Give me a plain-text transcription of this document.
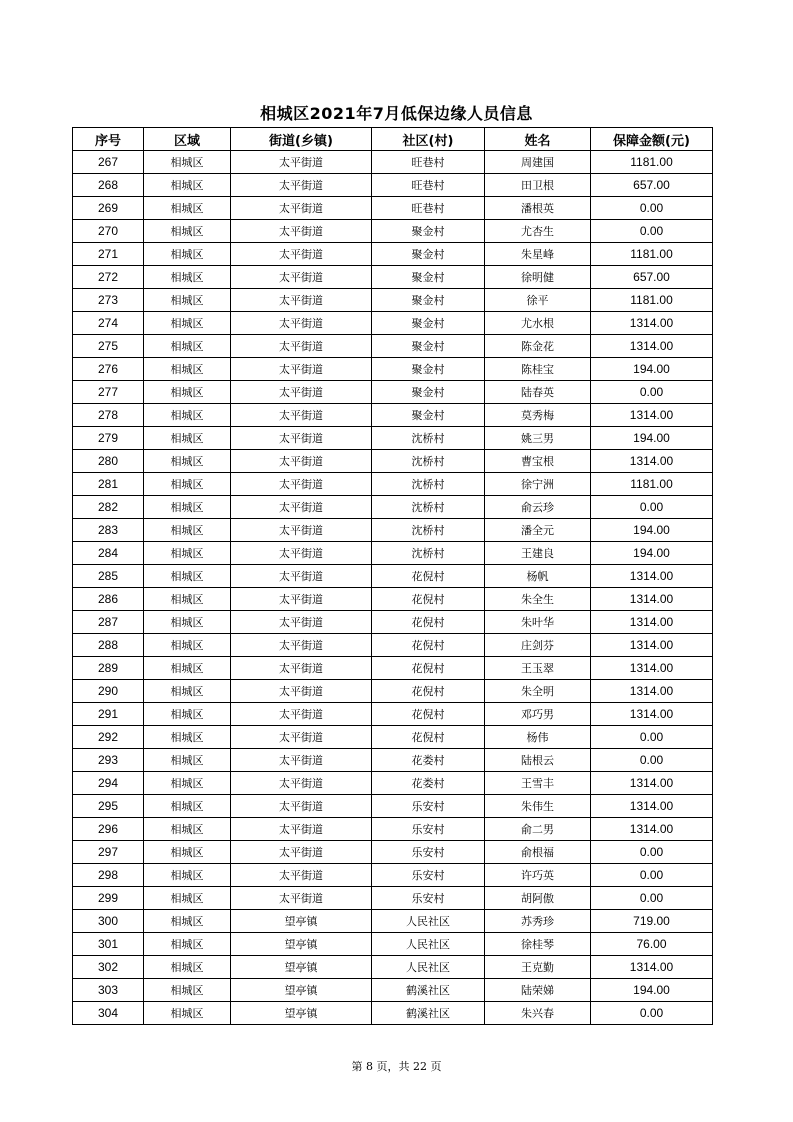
相城区2021年7月低保边缘人员信息
序号	区域	街道(乡镇)	社区(村)	姓名	保障金额(元)
267	相城区	太平街道	旺巷村	周建国	1181.00
268	相城区	太平街道	旺巷村	田卫根	657.00
269	相城区	太平街道	旺巷村	潘根英	0.00
270	相城区	太平街道	聚金村	尤杏生	0.00
271	相城区	太平街道	聚金村	朱星峰	1181.00
272	相城区	太平街道	聚金村	徐明健	657.00
273	相城区	太平街道	聚金村	徐平	1181.00
274	相城区	太平街道	聚金村	尤水根	1314.00
275	相城区	太平街道	聚金村	陈金花	1314.00
276	相城区	太平街道	聚金村	陈桂宝	194.00
277	相城区	太平街道	聚金村	陆春英	0.00
278	相城区	太平街道	聚金村	莫秀梅	1314.00
279	相城区	太平街道	沈桥村	姚三男	194.00
280	相城区	太平街道	沈桥村	曹宝根	1314.00
281	相城区	太平街道	沈桥村	徐宁洲	1181.00
282	相城区	太平街道	沈桥村	俞云珍	0.00
283	相城区	太平街道	沈桥村	潘全元	194.00
284	相城区	太平街道	沈桥村	王建良	194.00
285	相城区	太平街道	花倪村	杨帆	1314.00
286	相城区	太平街道	花倪村	朱全生	1314.00
287	相城区	太平街道	花倪村	朱叶华	1314.00
288	相城区	太平街道	花倪村	庄剑芬	1314.00
289	相城区	太平街道	花倪村	王玉翠	1314.00
290	相城区	太平街道	花倪村	朱全明	1314.00
291	相城区	太平街道	花倪村	邓巧男	1314.00
292	相城区	太平街道	花倪村	杨伟	0.00
293	相城区	太平街道	花娄村	陆根云	0.00
294	相城区	太平街道	花娄村	王雪丰	1314.00
295	相城区	太平街道	乐安村	朱伟生	1314.00
296	相城区	太平街道	乐安村	俞二男	1314.00
297	相城区	太平街道	乐安村	俞根福	0.00
298	相城区	太平街道	乐安村	许巧英	0.00
299	相城区	太平街道	乐安村	胡阿傲	0.00
300	相城区	望亭镇	人民社区	苏秀珍	719.00
301	相城区	望亭镇	人民社区	徐桂琴	76.00
302	相城区	望亭镇	人民社区	王克勤	1314.00
303	相城区	望亭镇	鹤溪社区	陆荣娣	194.00
304	相城区	望亭镇	鹤溪社区	朱兴春	0.00
第 8 页，共 22 页
